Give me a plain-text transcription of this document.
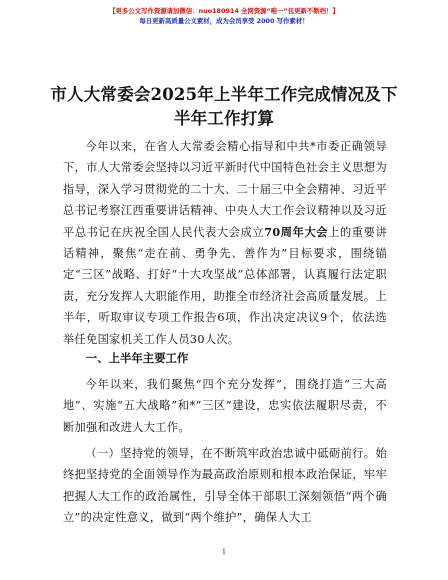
【更多公文写作资源请加微信：nuo180914 全网资源“唯一”包更新不断档！】
每日更新高质量公文素材，成为会员享受 2000 写作素材！
市人大常委会2025年上半年工作完成情况及下半年工作打算

今年以来，在省人大常委会精心指导和中共*市委正确领导下，市人大常委会坚持以习近平新时代中国特色社会主义思想为指导，深入学习贯彻党的二十大、二十届三中全会精神、习近平总书记考察江西重要讲话精神、中央人大工作会议精神以及习近平总书记在庆祝全国人民代表大会成立70周年大会上的重要讲话精神，聚焦“走在前、勇争先、善作为”目标要求，围绕锚定“三区”战略、打好“十大攻坚战”总体部署，认真履行法定职责，充分发挥人大职能作用，助推全市经济社会高质量发展。上半年，听取审议专项工作报告6项，作出决定决议9个，依法选举任免国家机关工作人员30人次。

一、上半年主要工作

今年以来，我们聚焦“四个充分发挥”，围绕打造“三大高地”、实施“五大战略”和*“三区”建设，忠实依法履职尽责，不断加强和改进人大工作。

（一）坚持党的领导，在不断筑牢政治忠诚中砥砺前行。始终把坚持党的全面领导作为最高政治原则和根本政治保证，牢牢把握人大工作的政治属性，引导全体干部职工深刻领悟“两个确立”的决定性意义，做到“两个维护”，确保人大工

1
